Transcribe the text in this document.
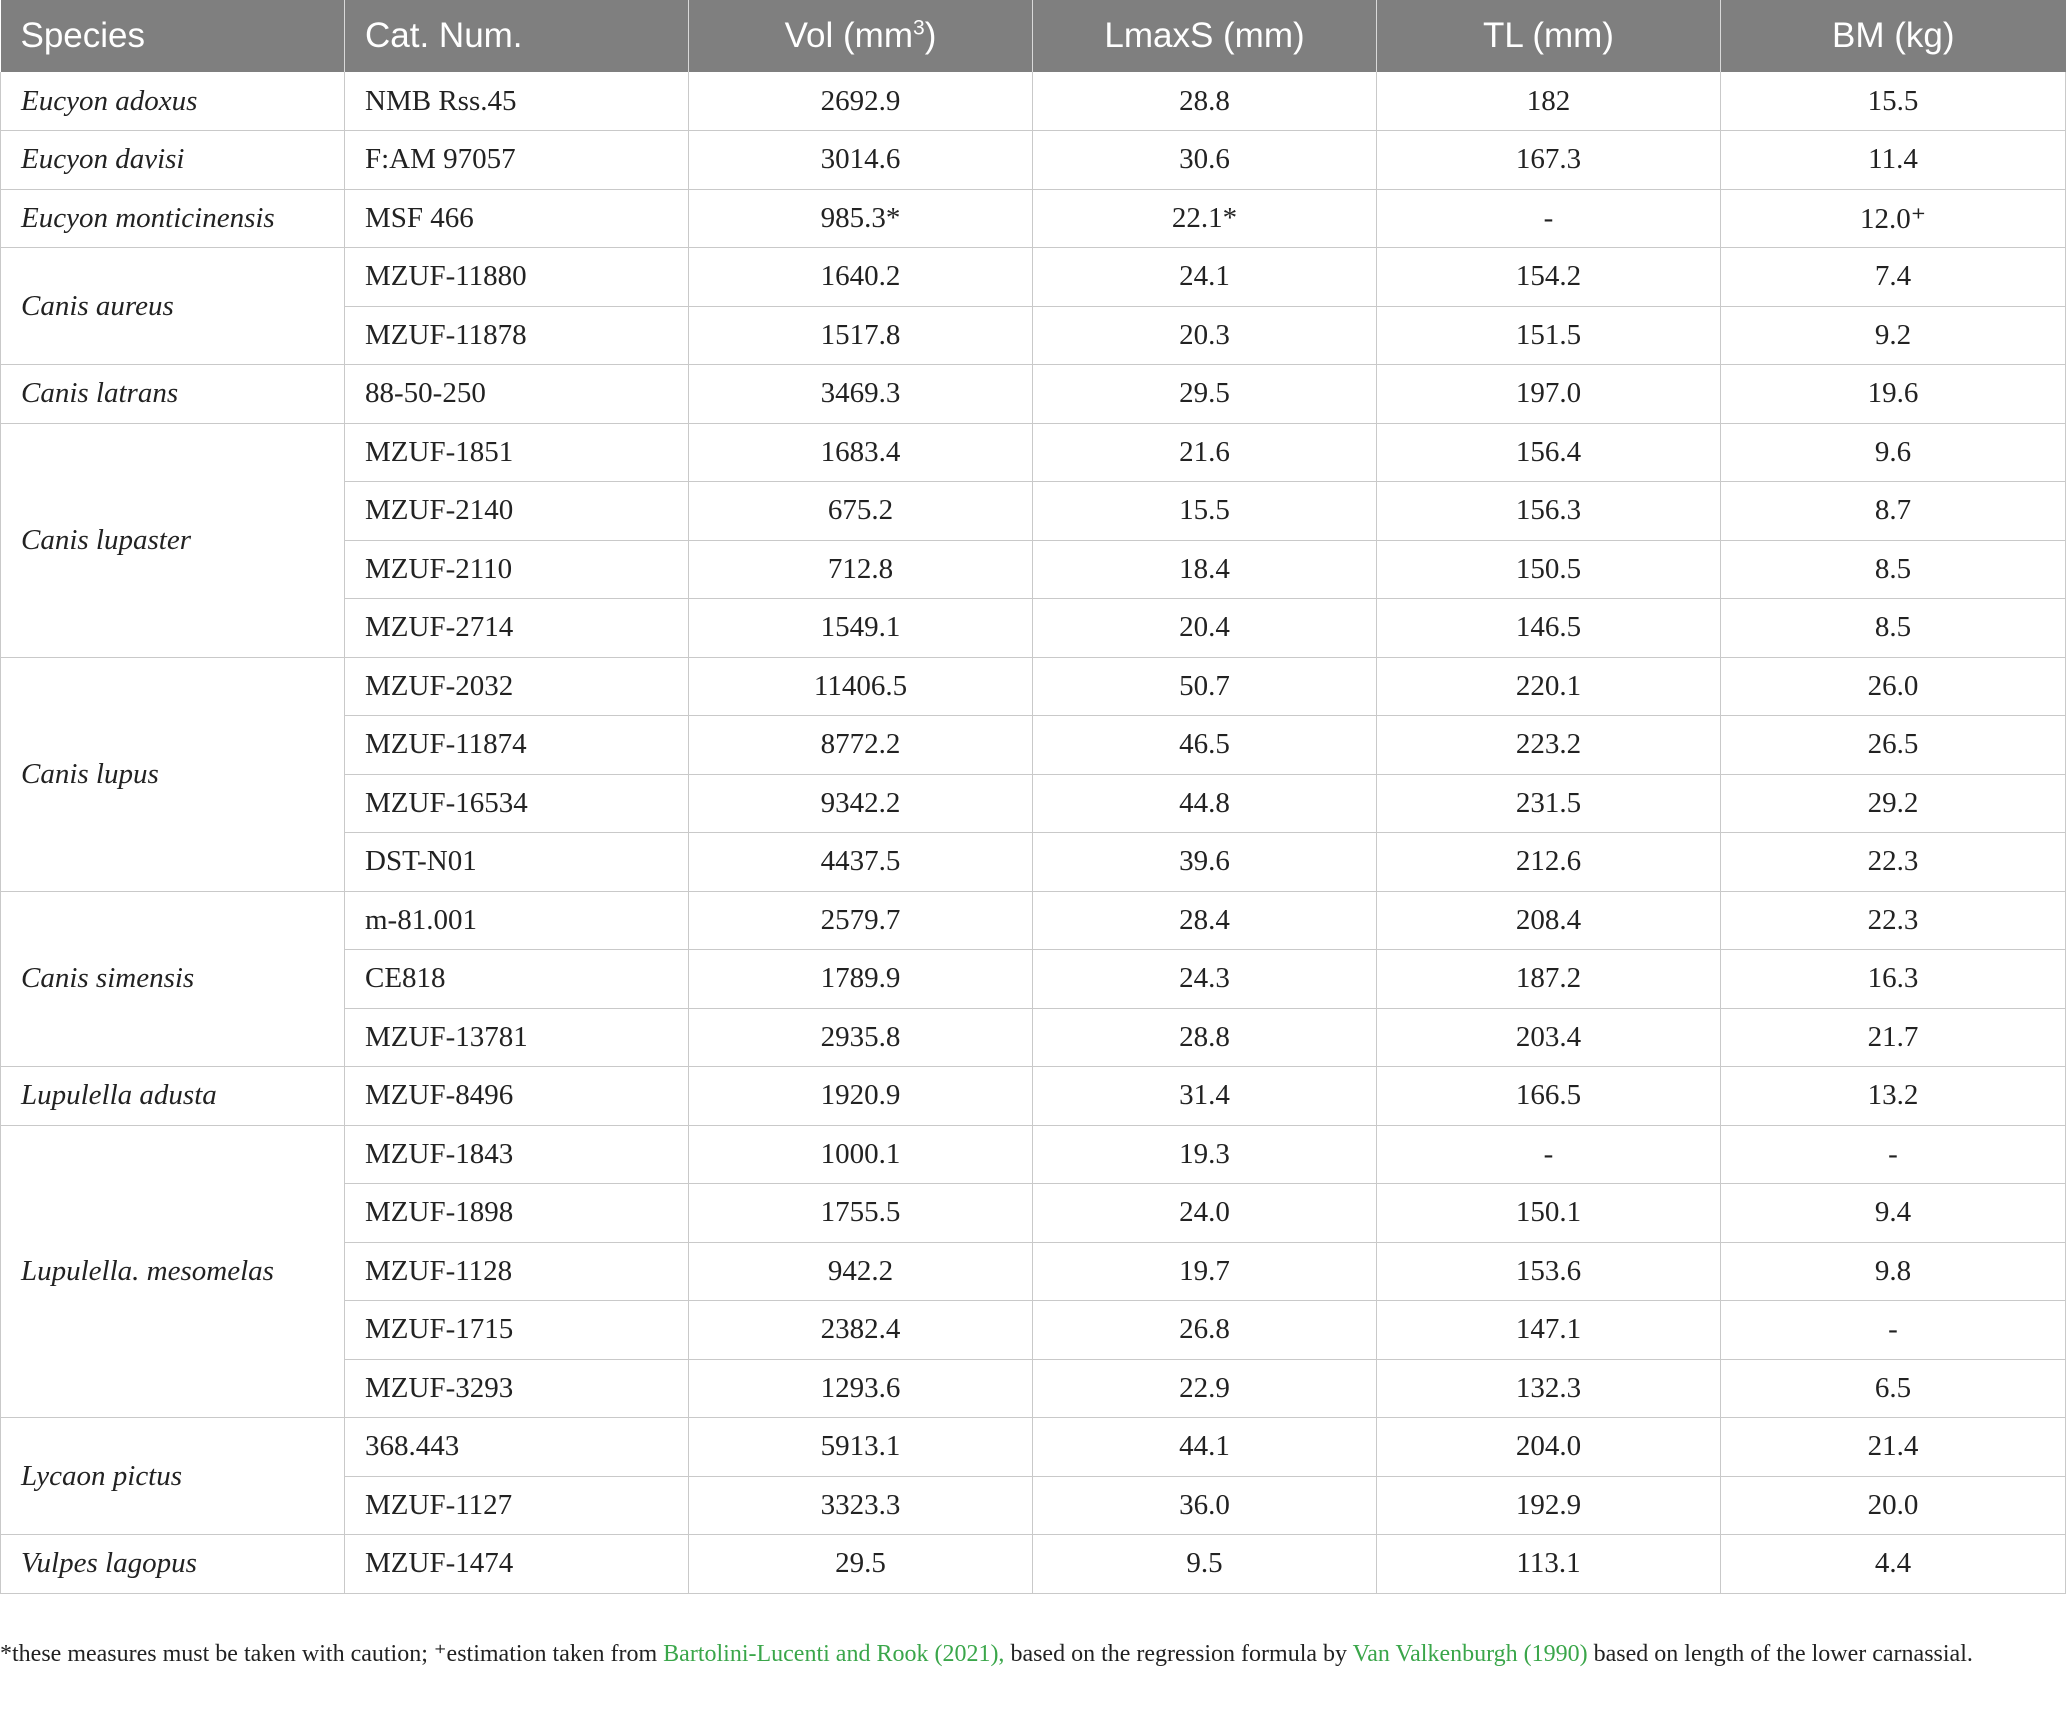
Species	Cat. Num.	Vol $(mm^3)$	LmaxS (mm)	TL (mm)	BM (kg)
Eucyon adoxus	NMB Rss.45	2692.9	28.8	182	15.5
Eucyon davisi	F:AM 97057	3014.6	30.6	167.3	11.4
Eucyon monticinensis	MSF 466	985.3*	22.1*	-	12.0⁺
Canis aureus	MZUF-11880	1640.2	24.1	154.2	7.4
	MZUF-11878	1517.8	20.3	151.5	9.2
Canis latrans	88-50-250	3469.3	29.5	197.0	19.6
Canis lupaster	MZUF-1851	1683.4	21.6	156.4	9.6
	MZUF-2140	675.2	15.5	156.3	8.7
	MZUF-2110	712.8	18.4	150.5	8.5
	MZUF-2714	1549.1	20.4	146.5	8.5
Canis lupus	MZUF-2032	11406.5	50.7	220.1	26.0
	MZUF-11874	8772.2	46.5	223.2	26.5
	MZUF-16534	9342.2	44.8	231.5	29.2
	DST-N01	4437.5	39.6	212.6	22.3
Canis simensis	m-81.001	2579.7	28.4	208.4	22.3
	CE818	1789.9	24.3	187.2	16.3
	MZUF-13781	2935.8	28.8	203.4	21.7
Lupulella adusta	MZUF-8496	1920.9	31.4	166.5	13.2
Lupulella. mesomelas	MZUF-1843	1000.1	19.3	-	-
	MZUF-1898	1755.5	24.0	150.1	9.4
	MZUF-1128	942.2	19.7	153.6	9.8
	MZUF-1715	2382.4	26.8	147.1	-
	MZUF-3293	1293.6	22.9	132.3	6.5
Lycaon pictus	368.443	5913.1	44.1	204.0	21.4
	MZUF-1127	3323.3	36.0	192.9	20.0
Vulpes lagopus	MZUF-1474	29.5	9.5	113.1	4.4
*these measures must be taken with caution; ⁺estimation taken from Bartolini-Lucenti and Rook (2021), based on the regression formula by Van Valkenburgh (1990) based on length of the lower carnassial.
